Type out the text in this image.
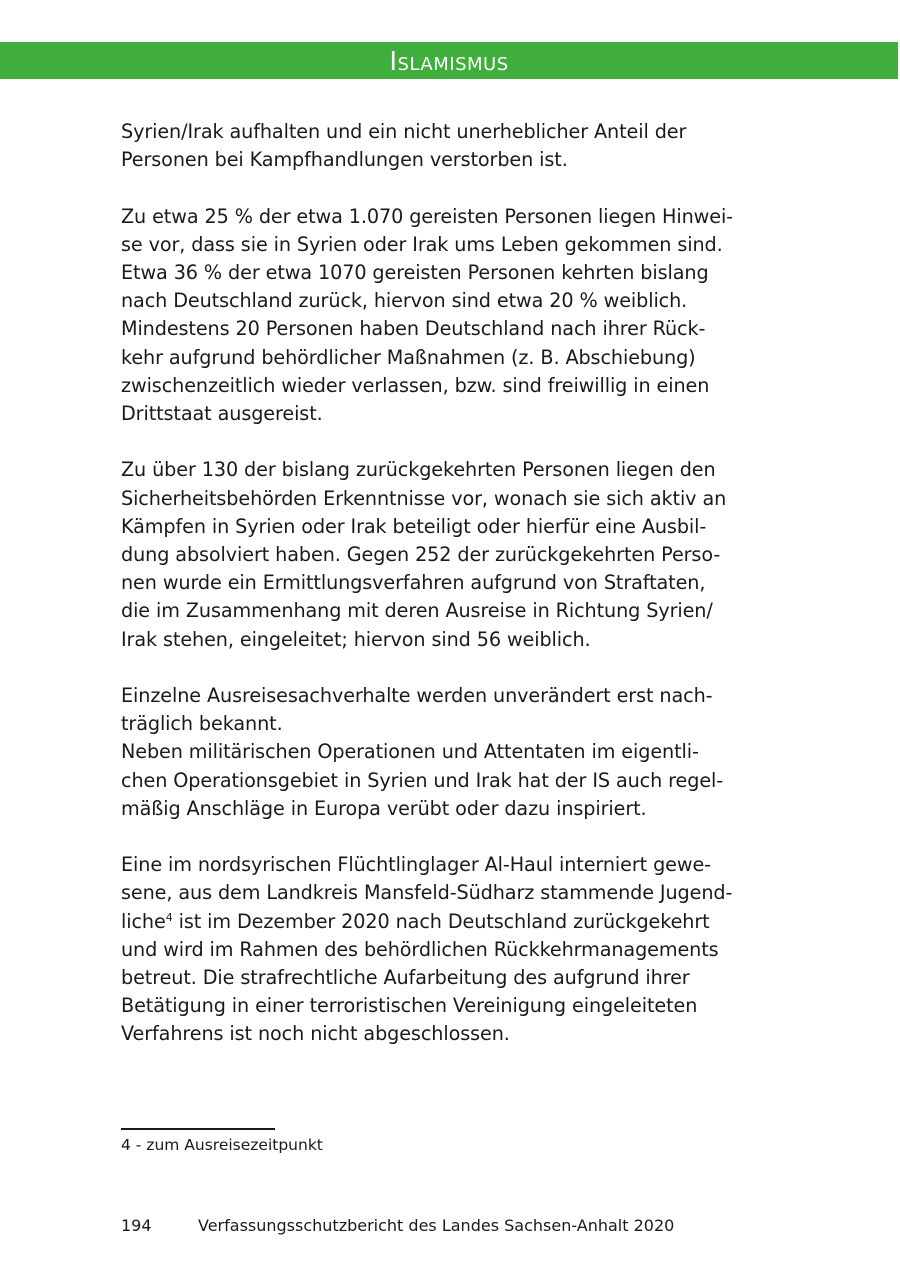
Islamismus

Syrien/Irak aufhalten und ein nicht unerheblicher Anteil der
Personen bei Kampfhandlungen verstorben ist.

Zu etwa 25 % der etwa 1.070 gereisten Personen liegen Hinwei-
se vor, dass sie in Syrien oder Irak ums Leben gekommen sind.
Etwa 36 % der etwa 1070 gereisten Personen kehrten bislang
nach Deutschland zurück, hiervon sind etwa 20 % weiblich.
Mindestens 20 Personen haben Deutschland nach ihrer Rück-
kehr aufgrund behördlicher Maßnahmen (z. B. Abschiebung)
zwischenzeitlich wieder verlassen, bzw. sind freiwillig in einen
Drittstaat ausgereist.

Zu über 130 der bislang zurückgekehrten Personen liegen den
Sicherheitsbehörden Erkenntnisse vor, wonach sie sich aktiv an
Kämpfen in Syrien oder Irak beteiligt oder hierfür eine Ausbil-
dung absolviert haben. Gegen 252 der zurückgekehrten Perso-
nen wurde ein Ermittlungsverfahren aufgrund von Straftaten,
die im Zusammenhang mit deren Ausreise in Richtung Syrien/
Irak stehen, eingeleitet; hiervon sind 56 weiblich.

Einzelne Ausreisesachverhalte werden unverändert erst nach-
träglich bekannt.

Neben militärischen Operationen und Attentaten im eigentli-
chen Operationsgebiet in Syrien und Irak hat der IS auch regel-
mäßig Anschläge in Europa verübt oder dazu inspiriert.

Eine im nordsyrischen Flüchtlinglager Al-Haul interniert gewe-
sene, aus dem Landkreis Mansfeld-Südharz stammende Jugend-
liche$^4$ ist im Dezember 2020 nach Deutschland zurückgekehrt
und wird im Rahmen des behördlichen Rückkehrmanagements
betreut. Die strafrechtliche Aufarbeitung des aufgrund ihrer
Betätigung in einer terroristischen Vereinigung eingeleiteten
Verfahrens ist noch nicht abgeschlossen.

4 - zum Ausreisezeitpunkt
194	Verfassungsschutzbericht des Landes Sachsen-Anhalt 2020
